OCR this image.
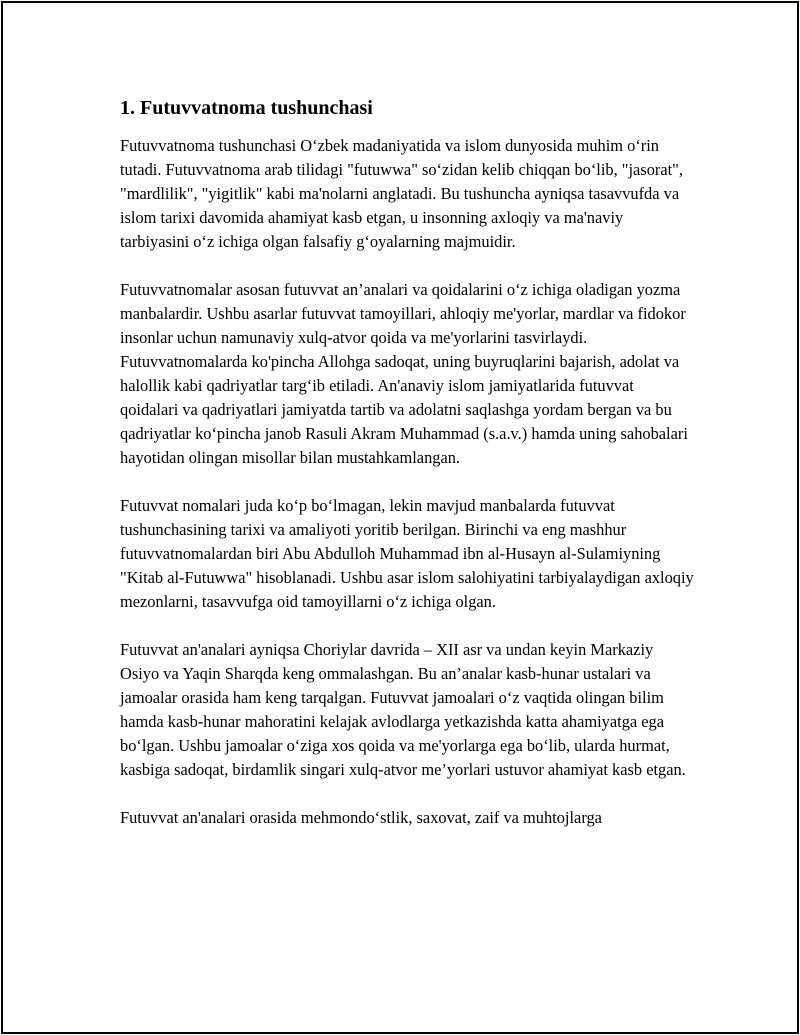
1. Futuvvatnoma tushunchasi

Futuvvatnoma tushunchasi O‘zbek madaniyatida va islom dunyosida muhim o‘rin tutadi. Futuvvatnoma arab tilidagi "futuwwa" so‘zidan kelib chiqqan bo‘lib, "jasorat", "mardlilik", "yigitlik" kabi ma'nolarni anglatadi. Bu tushuncha ayniqsa tasavvufda va islom tarixi davomida ahamiyat kasb etgan, u insonning axloqiy va ma'naviy tarbiyasini o‘z ichiga olgan falsafiy g‘oyalarning majmuidir.

Futuvvatnomalar asosan futuvvat an’analari va qoidalarini o‘z ichiga oladigan yozma manbalardir. Ushbu asarlar futuvvat tamoyillari, ahloqiy me'yorlar, mardlar va fidokor insonlar uchun namunaviy xulq-atvor qoida va me'yorlarini tasvirlaydi. Futuvvatnomalarda ko'pincha Allohga sadoqat, uning buyruqlarini bajarish, adolat va halollik kabi qadriyatlar targ‘ib etiladi. An'anaviy islom jamiyatlarida futuvvat qoidalari va qadriyatlari jamiyatda tartib va adolatni saqlashga yordam bergan va bu qadriyatlar ko‘pincha janob Rasuli Akram Muhammad (s.a.v.) hamda uning sahobalari hayotidan olingan misollar bilan mustahkamlangan.

Futuvvat nomalari juda ko‘p bo‘lmagan, lekin mavjud manbalarda futuvvat tushunchasining tarixi va amaliyoti yoritib berilgan. Birinchi va eng mashhur futuvvatnomalardan biri Abu Abdulloh Muhammad ibn al-Husayn al-Sulamiyning "Kitab al-Futuwwa" hisoblanadi. Ushbu asar islom salohiyatini tarbiyalaydigan axloqiy mezonlarni, tasavvufga oid tamoyillarni o‘z ichiga olgan.

Futuvvat an'analari ayniqsa Choriylar davrida – XII asr va undan keyin Markaziy Osiyo va Yaqin Sharqda keng ommalashgan. Bu an’analar kasb-hunar ustalari va jamoalar orasida ham keng tarqalgan. Futuvvat jamoalari o‘z vaqtida olingan bilim hamda kasb-hunar mahoratini kelajak avlodlarga yetkazishda katta ahamiyatga ega bo‘lgan. Ushbu jamoalar o‘ziga xos qoida va me'yorlarga ega bo‘lib, ularda hurmat, kasbiga sadoqat, birdamlik singari xulq-atvor me’yorlari ustuvor ahamiyat kasb etgan.

Futuvvat an'analari orasida mehmondo‘stlik, saxovat, zaif va muhtojlarga
